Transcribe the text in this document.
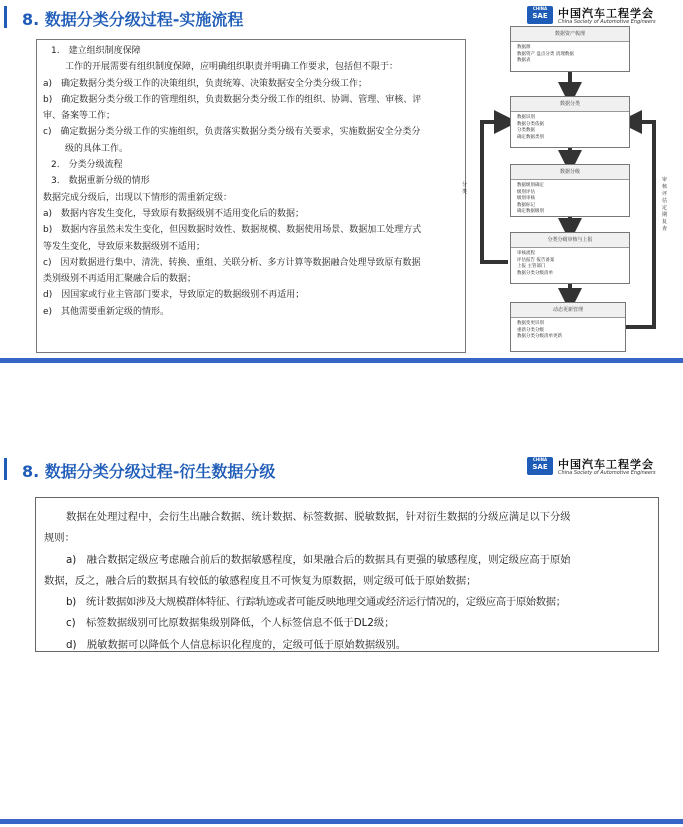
8. 数据分类分级过程-实施流程
CHINA
SAE 中国汽车工程学会
China Society of Automotive Engineers
1.　建立组织制度保障
工作的开展需要有组织制度保障，应明确组织职责并明确工作要求，包括但不限于：
a)　确定数据分类分级工作的决策组织，负责统筹、决策数据安全分类分级工作；
b)　确定数据分类分级工作的管理组织，负责数据分类分级工作的组织、协调、管理、审核、评
审、备案等工作；
c)　确定数据分类分级工作的实施组织，负责落实数据分类分级有关要求，实施数据安全分类分
级的具体工作。
2.　分类分级流程
3.　数据重新分级的情形
数据完成分级后，出现以下情形的需重新定级：
a)　数据内容发生变化，导致原有数据级别不适用变化后的数据；
b)　数据内容虽然未发生变化，但因数据时效性、数据规模、数据使用场景、数据加工处理方式
等发生变化，导致原来数据级别不适用；
c)　因对数据进行集中、清洗、转换、重组、关联分析、多方计算等数据融合处理导致原有数据
类别级别不再适用汇聚融合后的数据；
d)　因国家或行业主管部门要求，导致原定的数据级别不再适用；
e)　其他需要重新定级的情形。
分类
审核评估　定期复查
数据资产梳理
数据源
数据资产 盘点分类 清理数据
数据表
数据分类
数据识别
数据分类依据
分类数据
确定数据类别
数据分级
数据级别确定
级别评估
级别审核
数据标记
确定数据级别
分类分级审核与上报
审核流程
评估报告 报告备案
上报 主管部门
数据分类分级清单
动态更新管理
数据变更识别
重新分类分级
数据分类分级清单更新
8. 数据分类分级过程-衍生数据分级
CHINA
SAE 中国汽车工程学会
China Society of Automotive Engineers
数据在处理过程中，会衍生出融合数据、统计数据、标签数据、脱敏数据，针对衍生数据的分级应满足以下分级
规则：
a)　融合数据定级应考虑融合前后的数据敏感程度，如果融合后的数据具有更强的敏感程度，则定级应高于原始
数据，反之，融合后的数据具有较低的敏感程度且不可恢复为原数据，则定级可低于原始数据；
b)　统计数据如涉及大规模群体特征、行踪轨迹或者可能反映地理交通或经济运行情况的，定级应高于原始数据；
c)　标签数据级别可比原数据集级别降低，个人标签信息不低于DL2级；
d)　脱敏数据可以降低个人信息标识化程度的，定级可低于原始数据级别。
